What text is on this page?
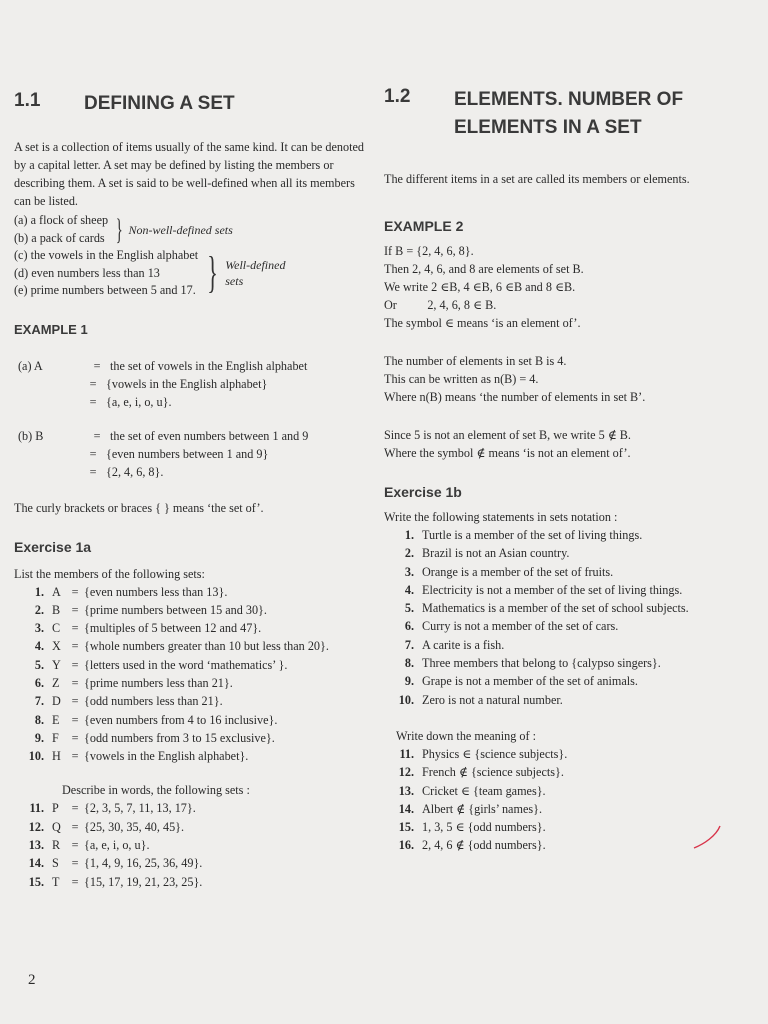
1.1	DEFINING A SET

A set is a collection of items usually of the same kind. It can be denoted by a capital letter. A set may be defined by listing the members or describing them. A set is said to be well-defined when all its members can be listed.

(a) a flock of sheep
(b) a pack of cards } Non-well-defined sets
(c) the vowels in the English alphabet
(d) even numbers less than 13
(e) prime numbers between 5 and 17. } Well-defined
sets
EXAMPLE 1
(a) A	= the set of vowels in the English alphabet
= {vowels in the English alphabet}
= {a, e, i, o, u}.
(b) B	= the set of even numbers between 1 and 9
= {even numbers between 1 and 9}
= {2, 4, 6, 8}.

The curly brackets or braces { } means ‘the set of’.

Exercise 1a

List the members of the following sets:

1. A = {even numbers less than 13}.
2. B = {prime numbers between 15 and 30}.
3. C = {multiples of 5 between 12 and 47}.
4. X = {whole numbers greater than 10 but less than 20}.
5. Y = {letters used in the word ‘mathematics’ }.
6. Z = {prime numbers less than 21}.
7. D = {odd numbers less than 21}.
8. E = {even numbers from 4 to 16 inclusive}.
9. F	= {odd numbers from 3 to 15 exclusive}.
10. H = {vowels in the English alphabet}.

Describe in words, the following sets :

11. P	= {2, 3, 5, 7, 11, 13, 17}.
12. Q = {25, 30, 35, 40, 45}.
13. R = {a, e, i, o, u}.
14. S	= {1, 4, 9, 16, 25, 36, 49}.
15. T = {15, 17, 19, 21, 23, 25}.
2
1.2	ELEMENTS. NUMBER OF
ELEMENTS IN A SET

The different items in a set are called its members or elements.

EXAMPLE 2

If B = {2, 4, 6, 8}.

Then 2, 4, 6, and 8 are elements of set B.

We write 2 ∈B, 4 ∈B, 6 ∈B and 8 ∈B.

Or          2, 4, 6, 8 ∈ B.

The symbol ∈ means ‘is an element of’.

The number of elements in set B is 4.

This can be written as n(B) = 4.

Where n(B) means ‘the number of elements in set B’.

Since 5 is not an element of set B, we write 5 ∉ B.

Where the symbol ∉ means ‘is not an element of’.

Exercise 1b

Write the following statements in sets notation :

1. Turtle is a member of the set of living things.
2. Brazil is not an Asian country.
3. Orange is a member of the set of fruits.
4. Electricity is not a member of the set of living things.
5. Mathematics is a member of the set of school subjects.
6. Curry is not a member of the set of cars.
7. A carite is a fish.
8. Three members that belong to {calypso singers}.
9. Grape is not a member of the set of animals.
10. Zero is not a natural number.

Write down the meaning of :

11. Physics ∈ {science subjects}.
12. French ∉ {science subjects}.
13. Cricket ∈ {team games}.
14. Albert ∉ {girls’ names}.
15. 1, 3, 5 ∈ {odd numbers}.
16. 2, 4, 6 ∉ {odd numbers}.
